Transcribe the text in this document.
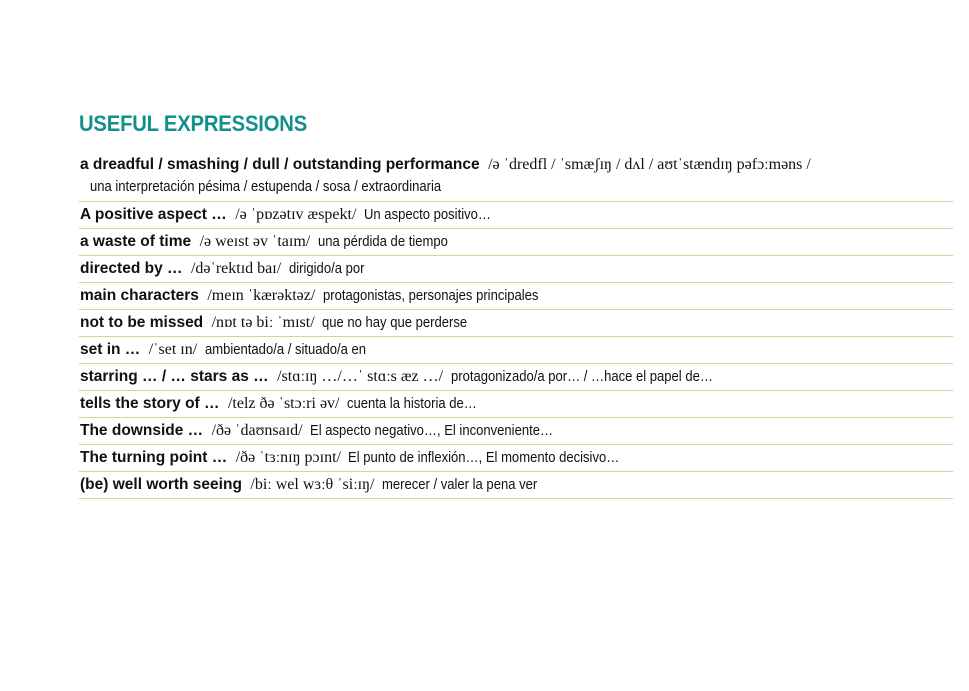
USEFUL EXPRESSIONS
a dreadful / smashing / dull / outstanding performance /ə ˈdredfl / ˈsmæʃɪŋ / dʌl / aʊtˈstændɪŋ pəfɔːməns /
una interpretación pésima / estupenda / sosa / extraordinaria
A positive aspect … /ə ˈpɒzətɪv æspekt/ Un aspecto positivo…
a waste of time /ə weɪst əv ˈtaɪm/ una pérdida de tiempo
directed by … /dəˈrektɪd baɪ/ dirigido/a por
main characters /meɪn ˈkærəktəz/ protagonistas, personajes principales
not to be missed /nɒt tə biː ˈmɪst/ que no hay que perderse
set in … /ˈset ɪn/ ambientado/a / situado/a en
starring … / … stars as … /stɑːɪŋ …/…ˈ stɑːs æz …/ protagonizado/a por… / …hace el papel de…
tells the story of … /telz ðə ˈstɔːri əv/ cuenta la historia de…
The downside … /ðə ˈdaʊnsaɪd/ El aspecto negativo…, El inconveniente…
The turning point … /ðə ˈtɜːnɪŋ pɔɪnt/ El punto de inflexión…, El momento decisivo…
(be) well worth seeing /biː wel wɜːθ ˈsiːɪŋ/ merecer / valer la pena ver
